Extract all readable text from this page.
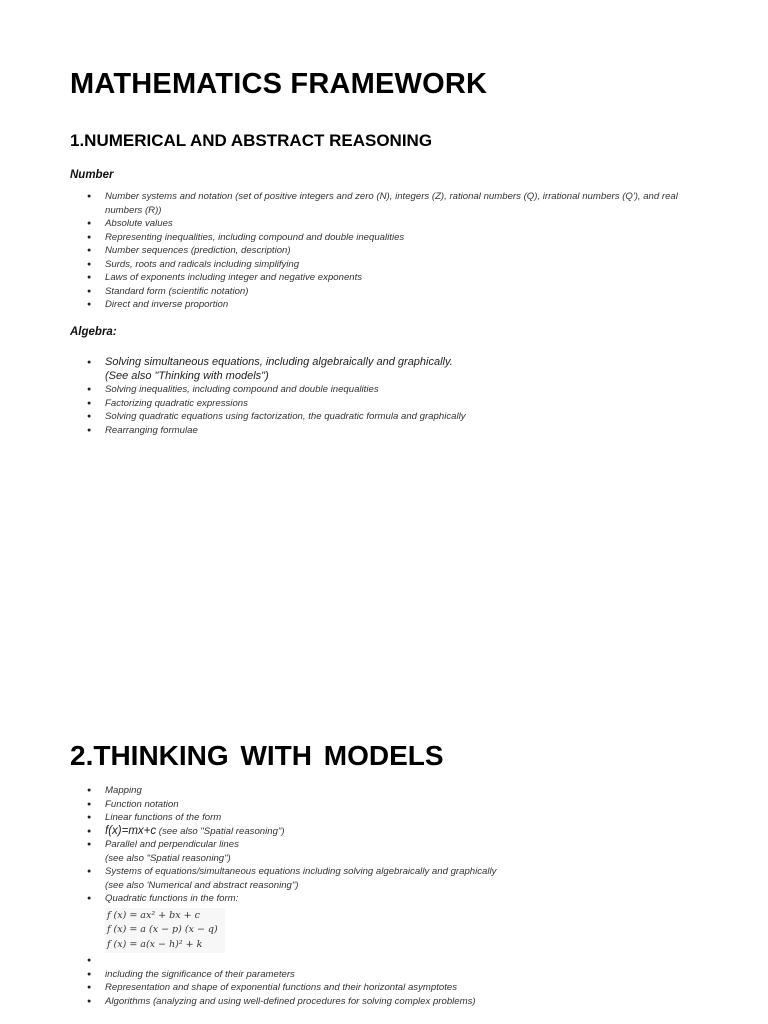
MATHEMATICS FRAMEWORK
1.NUMERICAL AND ABSTRACT REASONING
Number
● Number systems and notation (set of positive integers and zero (N), integers (Z), rational numbers (Q), irrational numbers (Q'), and real numbers (R))
● Absolute values
● Representing inequalities, including compound and double inequalities
● Number sequences (prediction, description)
● Surds, roots and radicals including simplifying
● Laws of exponents including integer and negative exponents
● Standard form (scientific notation)
● Direct and inverse proportion
Algebra:
● Solving simultaneous equations, including algebraically and graphically.
(See also "Thinking with models")
● Solving inequalities, including compound and double inequalities
● Factorizing quadratic expressions
● Solving quadratic equations using factorization, the quadratic formula and graphically
● Rearranging formulae
2.THINKING WITH MODELS
● Mapping
● Function notation
● Linear functions of the form
● f(x)=mx+c (see also "Spatial reasoning")
● Parallel and perpendicular lines
(see also "Spatial reasoning")
● Systems of equations/simultaneous equations including solving algebraically and graphically
(see also 'Numerical and abstract reasoning")
● Quadratic functions in the form:
f (x) = ax² + bx + c
f (x) = a (x − p) (x − q)
f (x) = a(x − h)² + k
●

● including the significance of their parameters
● Representation and shape of exponential functions and their horizontal asymptotes
● Algorithms (analyzing and using well-defined procedures for solving complex problems)
